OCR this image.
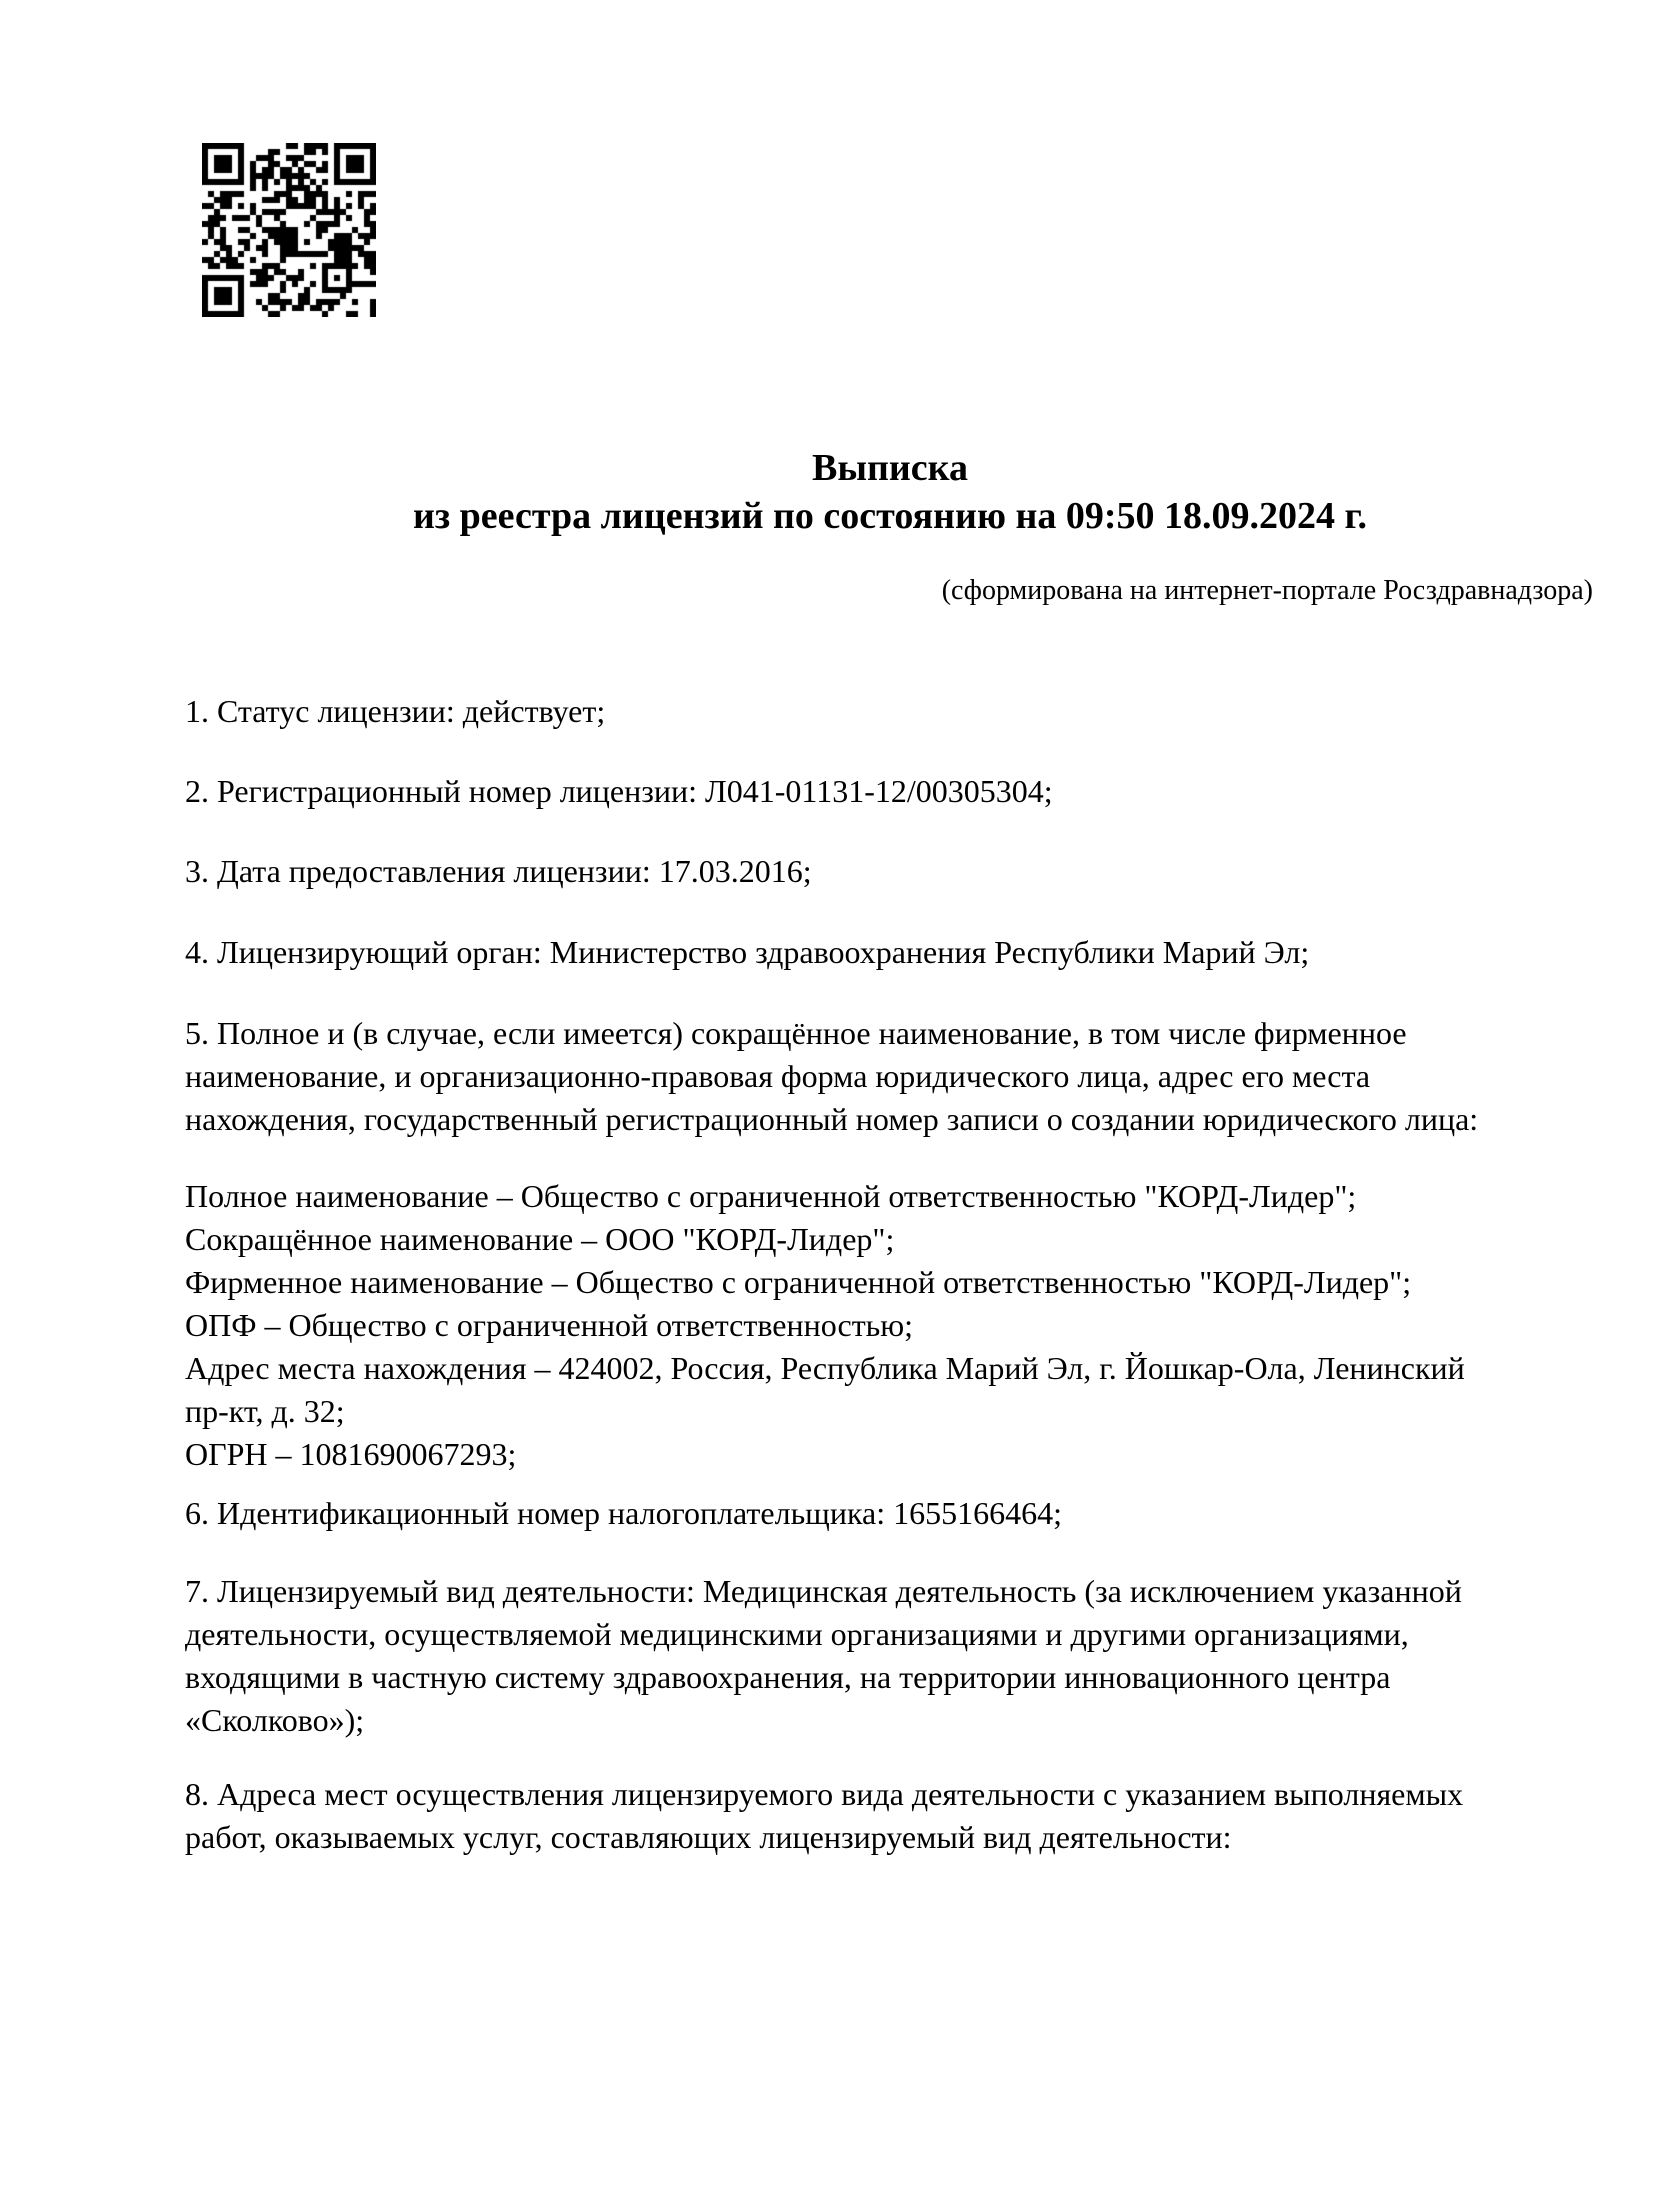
Выписка
из реестра лицензий по состоянию на 09:50 18.09.2024 г.
(сформирована на интернет-портале Росздравнадзора)
1. Статус лицензии: действует;
2. Регистрационный номер лицензии: Л041-01131-12/00305304;
3. Дата предоставления лицензии: 17.03.2016;
4. Лицензирующий орган: Министерство здравоохранения Республики Марий Эл;
5. Полное и (в случае, если имеется) сокращённое наименование, в том числе фирменное
наименование, и организационно-правовая форма юридического лица, адрес его места
нахождения, государственный регистрационный номер записи о создании юридического лица:
Полное наименование – Общество с ограниченной ответственностью "КОРД-Лидер";
Сокращённое наименование – ООО "КОРД-Лидер";
Фирменное наименование – Общество с ограниченной ответственностью "КОРД-Лидер";
ОПФ – Общество с ограниченной ответственностью;
Адрес места нахождения – 424002, Россия, Республика Марий Эл, г. Йошкар-Ола, Ленинский
пр-кт, д. 32;
ОГРН – 1081690067293;
6. Идентификационный номер налогоплательщика: 1655166464;
7. Лицензируемый вид деятельности: Медицинская деятельность (за исключением указанной
деятельности, осуществляемой медицинскими организациями и другими организациями,
входящими в частную систему здравоохранения, на территории инновационного центра
«Сколково»);
8. Адреса мест осуществления лицензируемого вида деятельности с указанием выполняемых
работ, оказываемых услуг, составляющих лицензируемый вид деятельности:
